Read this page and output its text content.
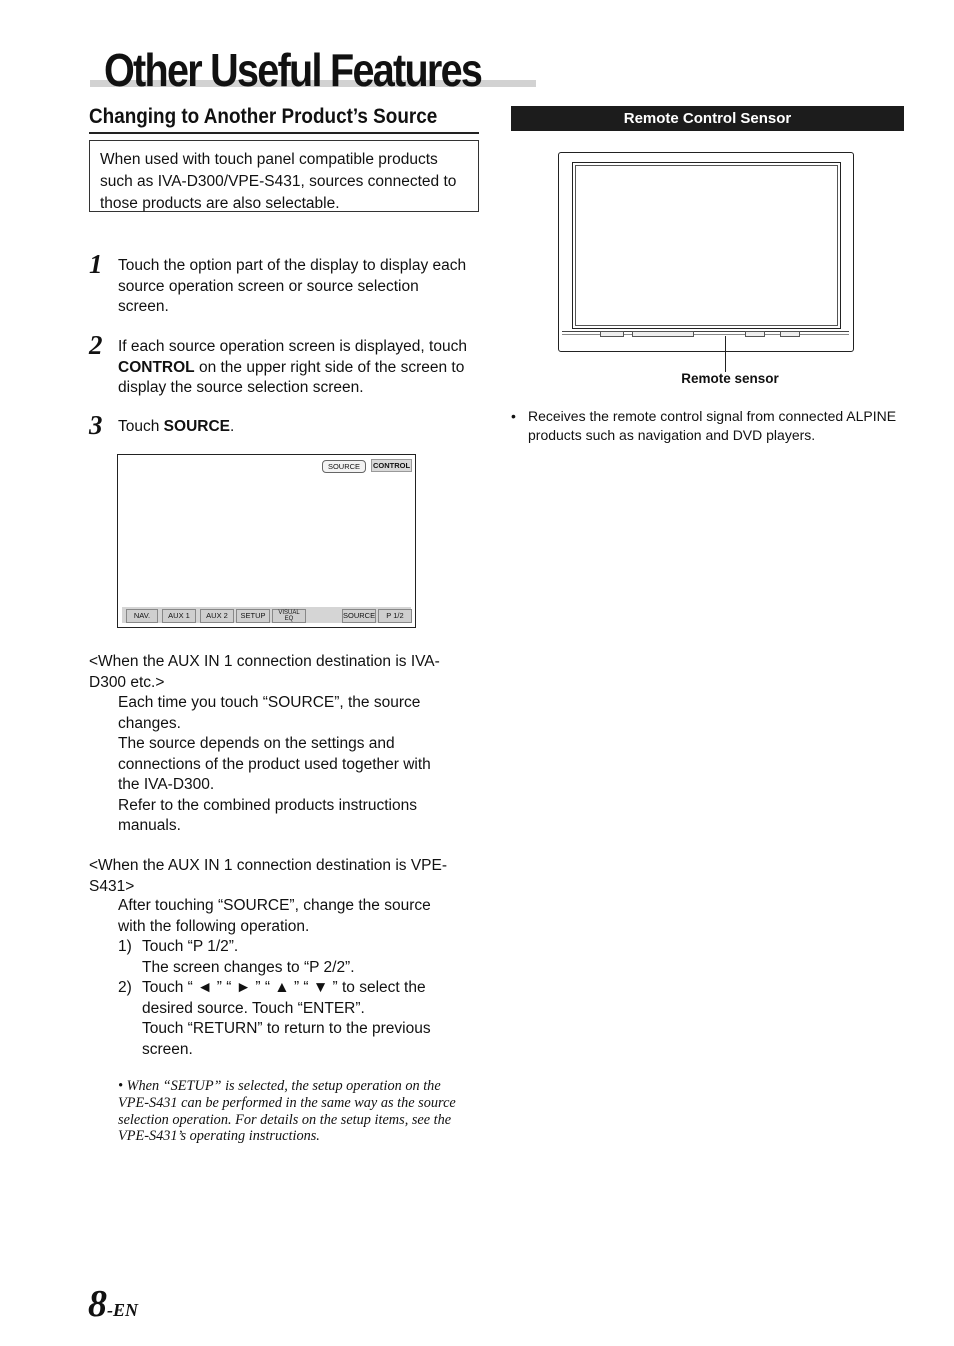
Other Useful Features
Changing to Another Product’s Source
When used with touch panel compatible products such as IVA-D300/VPE-S431, sources connected to those products are also selectable.
1 Touch the option part of the display to display each source operation screen or source selection screen.
2 If each source operation screen is displayed, touch CONTROL on the upper right side of the screen to display the source selection screen.
3 Touch SOURCE.
SOURCE	CONTROL
NAV.	AUX 1	AUX 2	SETUP	VISUAL
EQ	SOURCE	P 1/2
<When the AUX IN 1 connection destination is IVA-
D300 etc.>
Each time you touch “SOURCE”, the source
changes.
The source depends on the settings and
connections of the product used together with
the IVA-D300.
Refer to the combined products instructions
manuals.
<When the AUX IN 1 connection destination is VPE-
S431>
After touching “SOURCE”, change the source
with the following operation.
1) Touch “P 1/2”.
The screen changes to “P 2/2”.
2) Touch “ ◄ ” “ ► ” “ ▲ ” “ ▼ ” to select the
desired source. Touch “ENTER”.
Touch “RETURN” to return to the previous
screen.
• When “SETUP” is selected, the setup operation on the VPE-S431 can be performed in the same way as the source selection operation. For details on the setup items, see the VPE-S431’s operating instructions.
Remote Control Sensor
Remote sensor
• Receives the remote control signal from connected ALPINE products such as navigation and DVD players.
8-EN
